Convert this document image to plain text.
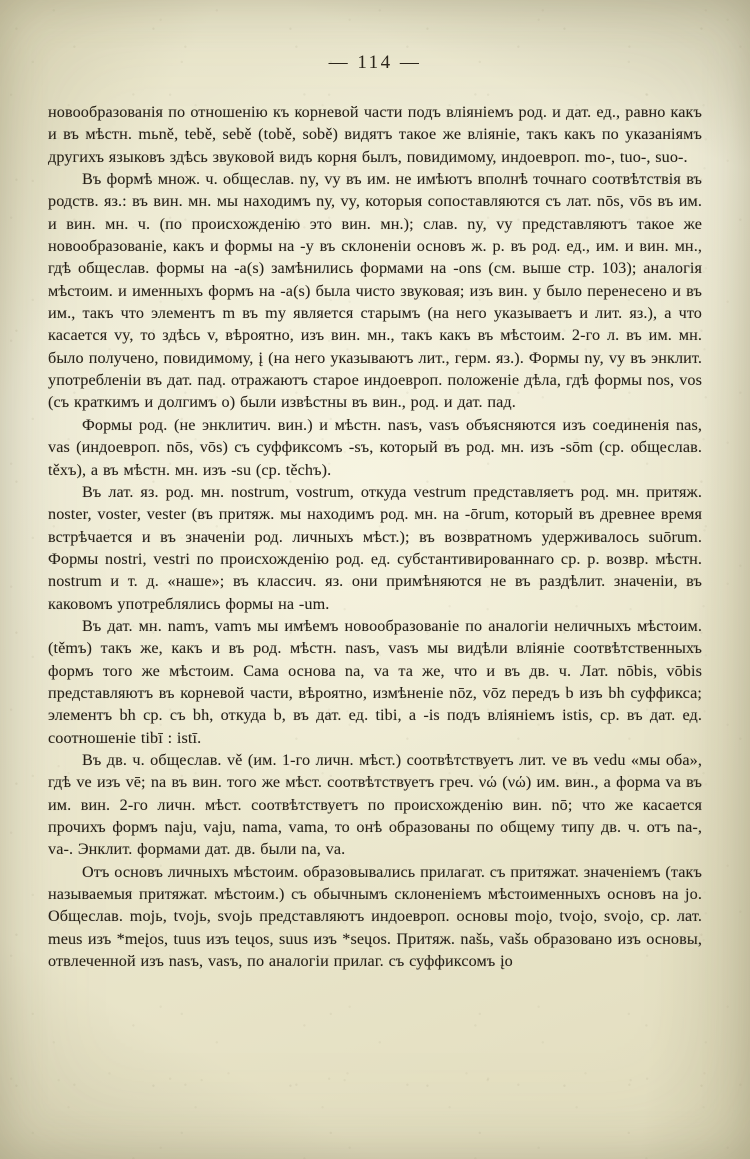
— 114 —

новообразованія по отношенію къ корневой части подъ вліяніемъ род. и дат. ед., равно какъ и въ мѣстн. mьně, tebě, sebě (tobě, sobě) видятъ такое же вліяніе, такъ какъ по указаніямъ другихъ языковъ здѣсь звуковой видъ корня былъ, повидимому, индоевроп. mo-, tuo-, suo-.

Въ формѣ множ. ч. общеслав. ny, vy въ им. не имѣютъ вполнѣ точнаго соотвѣтствія въ родств. яз.: въ вин. мн. мы находимъ nу, vy, которыя сопоставляются съ лат. nōs, vōs въ им. и вин. мн. ч. (по происхожденію это вин. мн.); слав. ny, vy представляютъ такое же новообразованіе, какъ и формы на -у въ склоненіи основъ ж. р. въ род. ед., им. и вин. мн., гдѣ общеслав. формы на -a(s) замѣнились формами на -ons (см. выше стр. 103); аналогія мѣстоим. и именныхъ формъ на -a(s) была чисто звуковая; изъ вин. у было перенесено и въ им., такъ что элементъ m въ my является старымъ (на него указываетъ и лит. яз.), а что касается vy, то здѣсь v, вѣроятно, изъ вин. мн., такъ какъ въ мѣстоим. 2-го л. въ им. мн. было получено, повидимому, į (на него указываютъ лит., герм. яз.). Формы ny, vy въ энклит. употребленіи въ дат. пад. отражаютъ старое индоевроп. положеніе дѣла, гдѣ формы nos, vos (съ краткимъ и долгимъ o) были извѣстны въ вин., род. и дат. пад.

Формы род. (не энклитич. вин.) и мѣстн. nasъ, vasъ объясняются изъ соединенія nas, vas (индоевроп. nōs, vōs) съ суффиксомъ -sъ, который въ род. мн. изъ -sōm (ср. общеслав. těxъ), а въ мѣстн. мн. изъ -su (ср. těchъ).

Въ лат. яз. род. мн. nostrum, vostrum, откуда vestrum представляетъ род. мн. притяж. noster, voster, vester (въ притяж. мы находимъ род. мн. на -ōrum, который въ древнее время встрѣчается и въ значеніи род. личныхъ мѣст.); въ возвратномъ удерживалось suōrum. Формы nostri, vestri по происхожденію род. ед. субстантивированнаго ср. р. возвр. мѣстн. nostrum и т. д. «наше»; въ классич. яз. они примѣняются не въ раздѣлит. значеніи, въ каковомъ употреблялись формы на -um.

Въ дат. мн. namъ, vamъ мы имѣемъ новообразованіе по аналогіи неличныхъ мѣстоим. (těmъ) такъ же, какъ и въ род. мѣстн. nasъ, vasъ мы видѣли вліяніе соотвѣтственныхъ формъ того же мѣстоим. Сама основа na, va та же, что и въ дв. ч. Лат. nōbis, vōbis представляютъ въ корневой части, вѣроятно, измѣненіе nōz, vōz передъ b изъ bh суффикса; элементъ bh ср. съ bh, откуда b, въ дат. ед. tibi, a -is подъ вліяніемъ istis, ср. въ дат. ед. соотношеніе tibī : istī.

Въ дв. ч. общеслав. vě (им. 1-го личн. мѣст.) соотвѣтствуетъ лит. ve въ vedu «мы оба», гдѣ ve изъ vē; na въ вин. того же мѣст. соотвѣтствуетъ греч. νώ (νώ) им. вин., а форма va въ им. вин. 2-го личн. мѣст. соотвѣтствуетъ по происхожденію вин. nō; что же касается прочихъ формъ naju, vaju, nama, vama, то онѣ образованы по общему типу дв. ч. отъ na-, va-. Энклит. формами дат. дв. были na, va.

Отъ основъ личныхъ мѣстоим. образовывались прилагат. съ притяжат. значеніемъ (такъ называемыя притяжат. мѣстоим.) съ обычнымъ склоненіемъ мѣстоименныхъ основъ на jo. Общеслав. mojь, tvojь, svojь представляютъ индоевроп. основы moįo, tvoįo, svoįo, ср. лат. meus изъ *meįos, tuus изъ teųos, suus изъ *seųos. Притяж. našь, vašь образовано изъ основы, отвлеченной изъ nasъ, vasъ, по аналогіи прилаг. съ суффиксомъ įo
